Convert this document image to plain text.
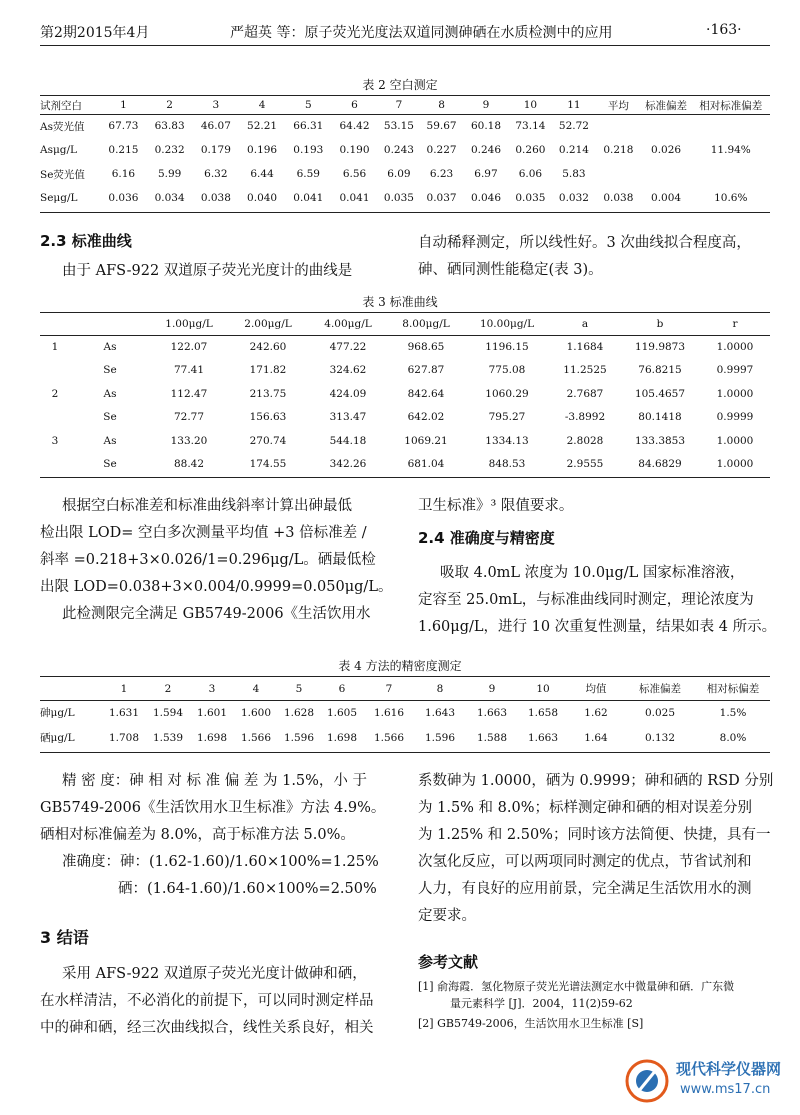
第2期2015年4月	严超英 等：原子荧光光度法双道同测砷硒在水质检测中的应用	·163·
表 2 空白测定
试剂空白	1	2	3	4	5	6	7	8	9	10	11	平均	标准偏差	相对标准偏差
As荧光值	67.73	63.83	46.07	52.21	66.31	64.42	53.15	59.67	60.18	73.14	52.72			
Asμg/L	0.215	0.232	0.179	0.196	0.193	0.190	0.243	0.227	0.246	0.260	0.214	0.218	0.026	11.94%
Se荧光值	6.16	5.99	6.32	6.44	6.59	6.56	6.09	6.23	6.97	6.06	5.83			
Seμg/L	0.036	0.034	0.038	0.040	0.041	0.041	0.035	0.037	0.046	0.035	0.032	0.038	0.004	10.6%
2.3 标准曲线
由于 AFS-922 双道原子荧光光度计的曲线是
自动稀释测定，所以线性好。3 次曲线拟合程度高，
砷、硒同测性能稳定(表 3)。
表 3 标准曲线
		1.00μg/L	2.00μg/L	4.00μg/L	8.00μg/L	10.00μg/L	a	b	r
1	As	122.07	242.60	477.22	968.65	1196.15	1.1684	119.9873	1.0000
	Se	77.41	171.82	324.62	627.87	775.08	11.2525	76.8215	0.9997
2	As	112.47	213.75	424.09	842.64	1060.29	2.7687	105.4657	1.0000
	Se	72.77	156.63	313.47	642.02	795.27	-3.8992	80.1418	0.9999
3	As	133.20	270.74	544.18	1069.21	1334.13	2.8028	133.3853	1.0000
	Se	88.42	174.55	342.26	681.04	848.53	2.9555	84.6829	1.0000
根据空白标准差和标准曲线斜率计算出砷最低
检出限 LOD= 空白多次测量平均值 +3 倍标准差 /
斜率 =0.218+3×0.026/1=0.296μg/L。硒最低检
出限 LOD=0.038+3×0.004/0.9999=0.050μg/L。
此检测限完全满足 GB5749-2006《生活饮用水
卫生标准》³ 限值要求。
2.4 准确度与精密度
吸取 4.0mL 浓度为 10.0μg/L 国家标准溶液，
定容至 25.0mL，与标准曲线同时测定，理论浓度为
1.60μg/L，进行 10 次重复性测量，结果如表 4 所示。
表 4 方法的精密度测定
	1	2	3	4	5	6	7	8	9	10	均值	标准偏差	相对标偏差
砷μg/L	1.631	1.594	1.601	1.600	1.628	1.605	1.616	1.643	1.663	1.658	1.62	0.025	1.5%
硒μg/L	1.708	1.539	1.698	1.566	1.596	1.698	1.566	1.596	1.588	1.663	1.64	0.132	8.0%
精 密 度：砷 相 对 标 准 偏 差 为 1.5%，小 于
GB5749-2006《生活饮用水卫生标准》方法 4.9%。
硒相对标准偏差为 8.0%，高于标准方法 5.0%。
准确度：砷：(1.62-1.60)/1.60×100%=1.25%
硒：(1.64-1.60)/1.60×100%=2.50%
3 结语
采用 AFS-922 双道原子荧光光度计做砷和硒，
在水样清洁，不必消化的前提下，可以同时测定样品
中的砷和硒，经三次曲线拟合，线性关系良好，相关
系数砷为 1.0000，硒为 0.9999；砷和硒的 RSD 分别
为 1.5% 和 8.0%；标样测定砷和硒的相对误差分别
为 1.25% 和 2.50%；同时该方法简便、快捷，具有一
次氢化反应，可以两项同时测定的优点，节省试剂和
人力，有良好的应用前景，完全满足生活饮用水的测
定要求。
参考文献
[1] 俞海霞．氢化物原子荧光光谱法测定水中微量砷和硒．广东微
量元素科学 [J]．2004，11(2)59-62
[2] GB5749-2006，生活饮用水卫生标准 [S]
现代科学仪器网
www.ms17.cn
